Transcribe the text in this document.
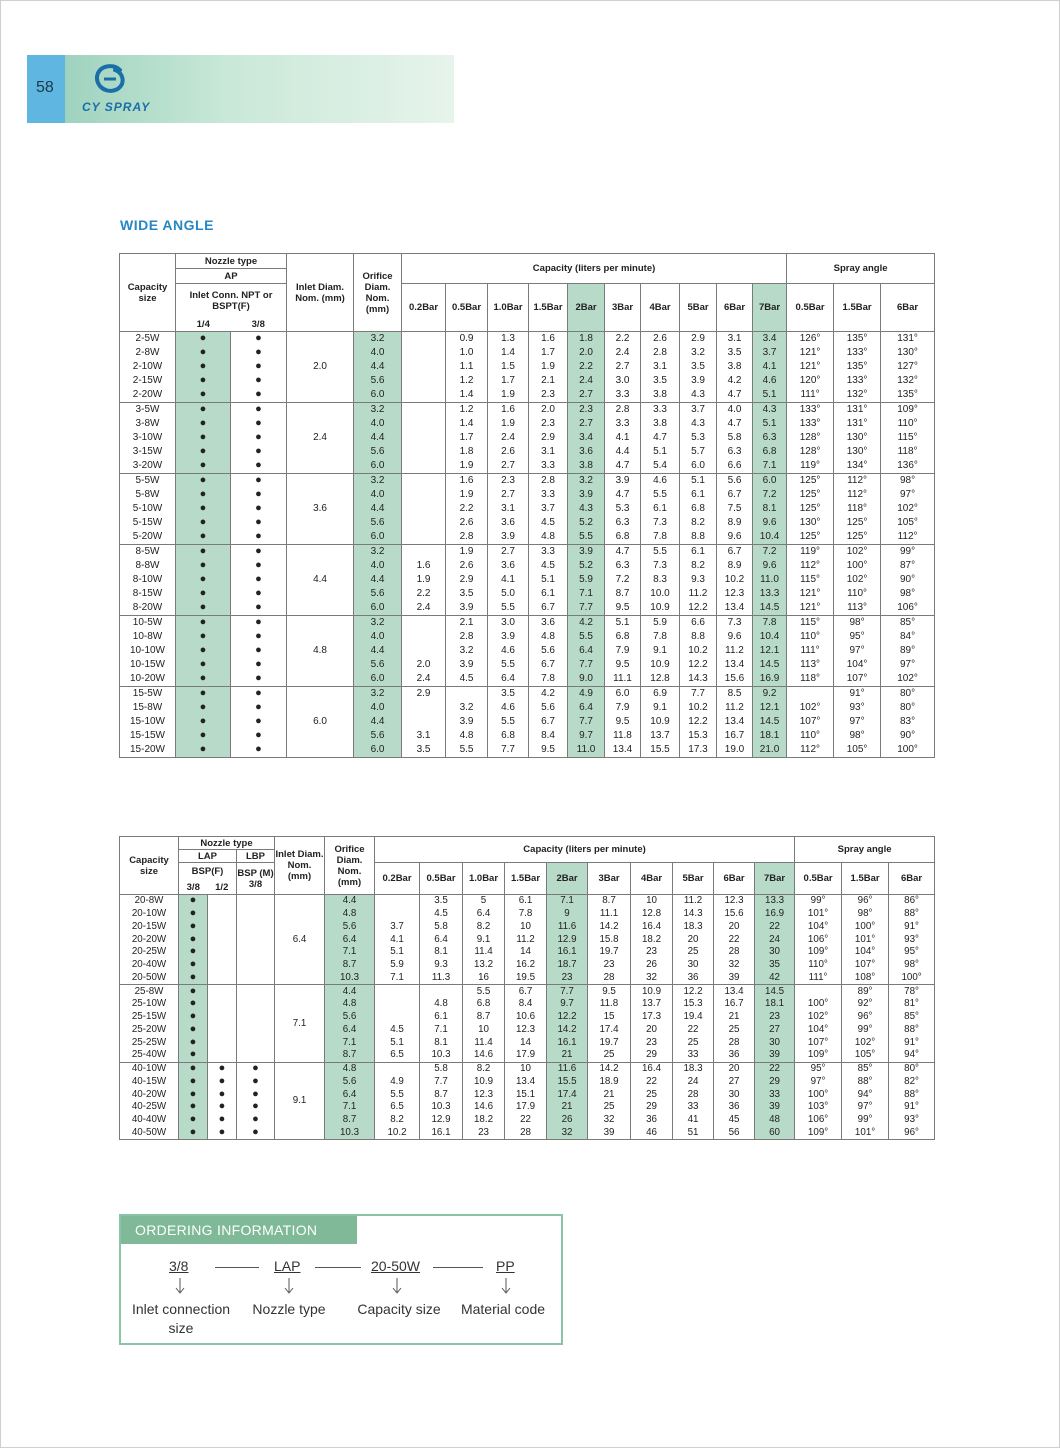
58
CY SPRAY
WIDE ANGLE
Capacity size	Nozzle type		Inlet Diam. Nom. (mm)	Orifice Diam. Nom. (mm)	Capacity (liters per minute)										Spray angle		
	AP																
	Inlet Conn. NPT or BSPT(F)				0.2Bar	0.5Bar	1.0Bar	1.5Bar	2Bar	3Bar	4Bar	5Bar	6Bar	7Bar	0.5Bar	1.5Bar	6Bar
	1/4	3/8															
2-5W	●	●	2.0	3.2		0.9	1.3	1.6	1.8	2.2	2.6	2.9	3.1	3.4	126°	135°	131°
2-8W	●	●		4.0		1.0	1.4	1.7	2.0	2.4	2.8	3.2	3.5	3.7	121°	133°	130°
2-10W	●	●		4.4		1.1	1.5	1.9	2.2	2.7	3.1	3.5	3.8	4.1	121°	135°	127°
2-15W	●	●		5.6		1.2	1.7	2.1	2.4	3.0	3.5	3.9	4.2	4.6	120°	133°	132°
2-20W	●	●		6.0		1.4	1.9	2.3	2.7	3.3	3.8	4.3	4.7	5.1	111°	132°	135°
3-5W	●	●	2.4	3.2		1.2	1.6	2.0	2.3	2.8	3.3	3.7	4.0	4.3	133°	131°	109°
3-8W	●	●		4.0		1.4	1.9	2.3	2.7	3.3	3.8	4.3	4.7	5.1	133°	131°	110°
3-10W	●	●		4.4		1.7	2.4	2.9	3.4	4.1	4.7	5.3	5.8	6.3	128°	130°	115°
3-15W	●	●		5.6		1.8	2.6	3.1	3.6	4.4	5.1	5.7	6.3	6.8	128°	130°	118°
3-20W	●	●		6.0		1.9	2.7	3.3	3.8	4.7	5.4	6.0	6.6	7.1	119°	134°	136°
5-5W	●	●	3.6	3.2		1.6	2.3	2.8	3.2	3.9	4.6	5.1	5.6	6.0	125°	112°	98°
5-8W	●	●		4.0		1.9	2.7	3.3	3.9	4.7	5.5	6.1	6.7	7.2	125°	112°	97°
5-10W	●	●		4.4		2.2	3.1	3.7	4.3	5.3	6.1	6.8	7.5	8.1	125°	118°	102°
5-15W	●	●		5.6		2.6	3.6	4.5	5.2	6.3	7.3	8.2	8.9	9.6	130°	125°	105°
5-20W	●	●		6.0		2.8	3.9	4.8	5.5	6.8	7.8	8.8	9.6	10.4	125°	125°	112°
8-5W	●	●	4.4	3.2		1.9	2.7	3.3	3.9	4.7	5.5	6.1	6.7	7.2	119°	102°	99°
8-8W	●	●		4.0	1.6	2.6	3.6	4.5	5.2	6.3	7.3	8.2	8.9	9.6	112°	100°	87°
8-10W	●	●		4.4	1.9	2.9	4.1	5.1	5.9	7.2	8.3	9.3	10.2	11.0	115°	102°	90°
8-15W	●	●		5.6	2.2	3.5	5.0	6.1	7.1	8.7	10.0	11.2	12.3	13.3	121°	110°	98°
8-20W	●	●		6.0	2.4	3.9	5.5	6.7	7.7	9.5	10.9	12.2	13.4	14.5	121°	113°	106°
10-5W	●	●	4.8	3.2		2.1	3.0	3.6	4.2	5.1	5.9	6.6	7.3	7.8	115°	98°	85°
10-8W	●	●		4.0		2.8	3.9	4.8	5.5	6.8	7.8	8.8	9.6	10.4	110°	95°	84°
10-10W	●	●		4.4		3.2	4.6	5.6	6.4	7.9	9.1	10.2	11.2	12.1	111°	97°	89°
10-15W	●	●		5.6	2.0	3.9	5.5	6.7	7.7	9.5	10.9	12.2	13.4	14.5	113°	104°	97°
10-20W	●	●		6.0	2.4	4.5	6.4	7.8	9.0	11.1	12.8	14.3	15.6	16.9	118°	107°	102°
15-5W	●	●	6.0	3.2	2.9		3.5	4.2	4.9	6.0	6.9	7.7	8.5	9.2		91°	80°
15-8W	●	●		4.0		3.2	4.6	5.6	6.4	7.9	9.1	10.2	11.2	12.1	102°	93°	80°
15-10W	●	●		4.4		3.9	5.5	6.7	7.7	9.5	10.9	12.2	13.4	14.5	107°	97°	83°
15-15W	●	●		5.6	3.1	4.8	6.8	8.4	9.7	11.8	13.7	15.3	16.7	18.1	110°	98°	90°
15-20W	●	●		6.0	3.5	5.5	7.7	9.5	11.0	13.4	15.5	17.3	19.0	21.0	112°	105°	100°
Capacity size	Nozzle type			Inlet Diam. Nom. (mm)	Orifice Diam. Nom. (mm)	Capacity (liters per minute)										Spray angle		
	LAP		LBP															
	BSP(F)		BSP (M)
3/8			0.2Bar	0.5Bar	1.0Bar	1.5Bar	2Bar	3Bar	4Bar	5Bar	6Bar	7Bar	0.5Bar	1.5Bar	6Bar
	3/8	1/2																
20-8W	●			6.4	4.4		3.5	5	6.1	7.1	8.7	10	11.2	12.3	13.3	99°	96°	86°
20-10W	●				4.8		4.5	6.4	7.8	9	11.1	12.8	14.3	15.6	16.9	101°	98°	88°
20-15W	●				5.6	3.7	5.8	8.2	10	11.6	14.2	16.4	18.3	20	22	104°	100°	91°
20-20W	●				6.4	4.1	6.4	9.1	11.2	12.9	15.8	18.2	20	22	24	106°	101°	93°
20-25W	●				7.1	5.1	8.1	11.4	14	16.1	19.7	23	25	28	30	109°	104°	95°
20-40W	●				8.7	5.9	9.3	13.2	16.2	18.7	23	26	30	32	35	110°	107°	98°
20-50W	●				10.3	7.1	11.3	16	19.5	23	28	32	36	39	42	111°	108°	100°
25-8W	●			7.1	4.4			5.5	6.7	7.7	9.5	10.9	12.2	13.4	14.5		89°	78°
25-10W	●				4.8		4.8	6.8	8.4	9.7	11.8	13.7	15.3	16.7	18.1	100°	92°	81°
25-15W	●				5.6		6.1	8.7	10.6	12.2	15	17.3	19.4	21	23	102°	96°	85°
25-20W	●				6.4	4.5	7.1	10	12.3	14.2	17.4	20	22	25	27	104°	99°	88°
25-25W	●				7.1	5.1	8.1	11.4	14	16.1	19.7	23	25	28	30	107°	102°	91°
25-40W	●				8.7	6.5	10.3	14.6	17.9	21	25	29	33	36	39	109°	105°	94°
40-10W	●	●	●	9.1	4.8		5.8	8.2	10	11.6	14.2	16.4	18.3	20	22	95°	85°	80°
40-15W	●	●	●		5.6	4.9	7.7	10.9	13.4	15.5	18.9	22	24	27	29	97°	88°	82°
40-20W	●	●	●		6.4	5.5	8.7	12.3	15.1	17.4	21	25	28	30	33	100°	94°	88°
40-25W	●	●	●		7.1	6.5	10.3	14.6	17.9	21	25	29	33	36	39	103°	97°	91°
40-40W	●	●	●		8.7	8.2	12.9	18.2	22	26	32	36	41	45	48	106°	99°	93°
40-50W	●	●	●		10.3	10.2	16.1	23	28	32	39	46	51	56	60	109°	101°	96°
ORDERING INFORMATION
3/8	LAP	20-50W	PP
Inlet connection size
Nozzle type	Capacity size	Material code
